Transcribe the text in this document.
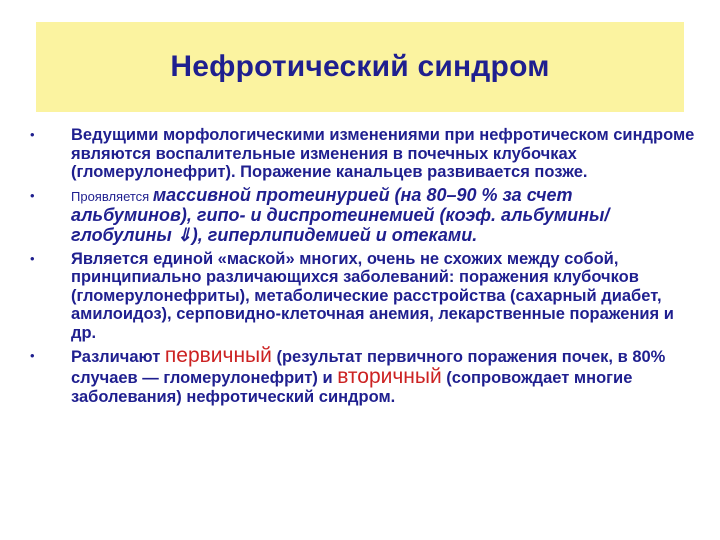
Нефротический синдром
• Ведущими морфологическими изменениями при нефротическом синдроме являются воспалительные изменения в почечных клубочках (гломерулонефрит). Поражение канальцев развивается позже.
•	Проявляется массивной протеинурией (на 80–90 % за счет альбуминов), гипо- и диспротеинемией (коэф. альбумины/глобулины ⇓), гиперлипидемией и отеками.
• Является единой «маской» многих, очень не схожих между собой, принципиально различающихся заболеваний: поражения клубочков (гломерулонефриты), метаболические расстройства (сахарный диабет, амилоидоз), серповидно-клеточная анемия, лекарственные поражения и др.
• Различают первичный (результат первичного поражения почек, в 80% случаев — гломерулонефрит) и вторичный (сопровождает многие заболевания) нефротический синдром.
